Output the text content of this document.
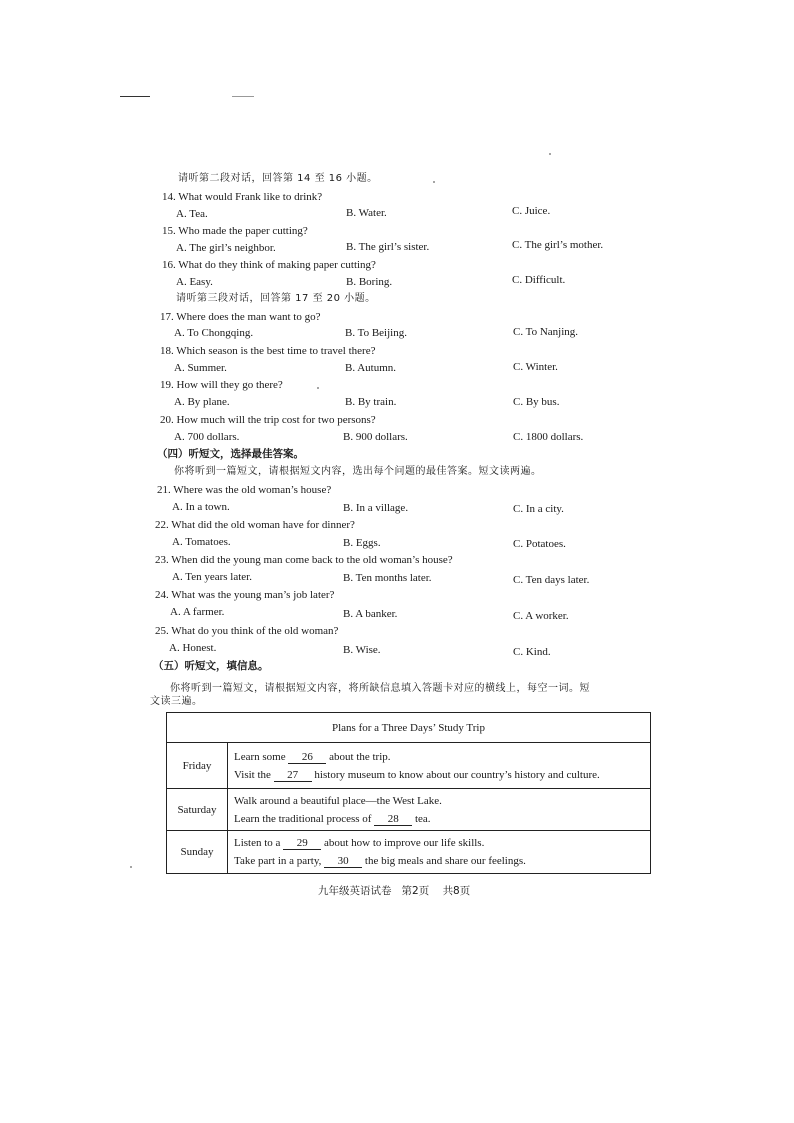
请听第二段对话，回答第 14 至 16 小题。
14. What would Frank like to drink?
A. Tea.	B. Water.	C. Juice.
15. Who made the paper cutting?
A. The girl’s neighbor.	B. The girl’s sister.	C. The girl’s mother.
16. What do they think of making paper cutting?
A. Easy.	B. Boring.	C. Difficult.
请听第三段对话，回答第 17 至 20 小题。
17. Where does the man want to go?
A. To Chongqing.	B. To Beijing.	C. To Nanjing.
18. Which season is the best time to travel there?
A. Summer.	B. Autumn.	C. Winter.
19. How will they go there?
A. By plane.	B. By train.	C. By bus.
20. How much will the trip cost for two persons?
A. 700 dollars.	B. 900 dollars.	C. 1800 dollars.
（四）听短文，选择最佳答案。
你将听到一篇短文，请根据短文内容，选出每个问题的最佳答案。短文读两遍。
21. Where was the old woman’s house?
A. In a town.	B. In a village.	C. In a city.
22. What did the old woman have for dinner?
A. Tomatoes.	B. Eggs.	C. Potatoes.
23. When did the young man come back to the old woman’s house?
A. Ten years later.	B. Ten months later.	C. Ten days later.
24. What was the young man’s job later?
A. A farmer.	B. A banker.	C. A worker.
25. What do you think of the old woman?
A. Honest.	B. Wise.	C. Kind.
（五）听短文，填信息。
你将听到一篇短文，请根据短文内容，将所缺信息填入答题卡对应的横线上，每空一词。短
文读三遍。
Plans for a Three Days’ Study Trip	
Friday	Learn some 26 about the trip.
Visit the 27 history museum to know about our country’s history and culture.

Saturday	Walk around a beautiful place—the West Lake.
Learn the traditional process of 28 tea.

Sunday	Listen to a 29 about how to improve our life skills.
Take part in a party, 30 the big meals and share our feelings.
九年级英语试卷 第2页 共8页
